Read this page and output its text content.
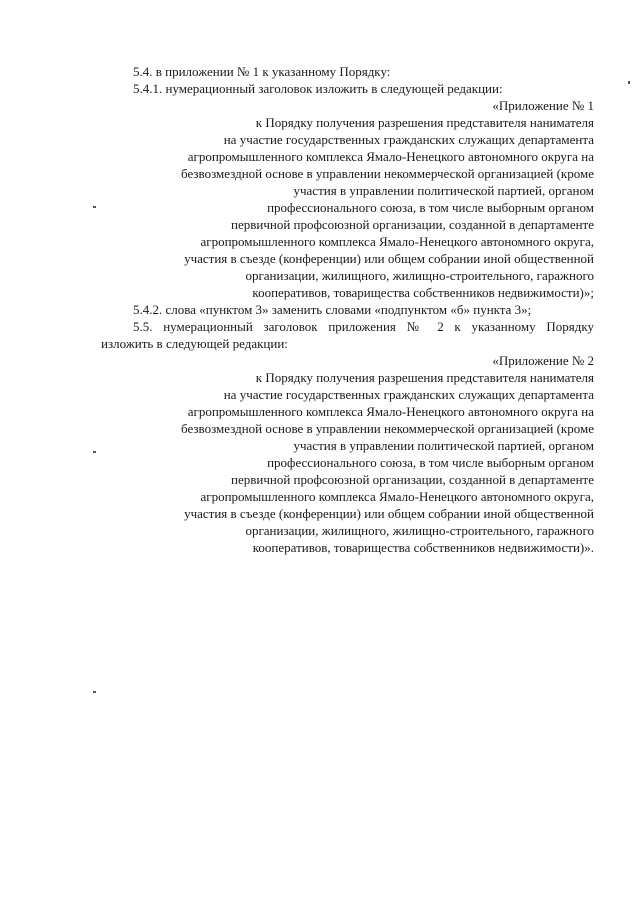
5.4. в приложении № 1 к указанному Порядку:
5.4.1. нумерационный заголовок изложить в следующей редакции:
«Приложение № 1
к Порядку получения разрешения представителя нанимателя
на участие государственных гражданских служащих департамента
агропромышленного комплекса Ямало-Ненецкого автономного округа на
безвозмездной основе в управлении некоммерческой организацией (кроме
участия в управлении политической партией, органом
профессионального союза, в том числе выборным органом
первичной профсоюзной организации, созданной в департаменте
агропромышленного комплекса Ямало-Ненецкого автономного округа,
участия в съезде (конференции) или общем собрании иной общественной
организации, жилищного, жилищно-строительного, гаражного
кооперативов, товарищества собственников недвижимости)»;
5.4.2. слова «пунктом 3» заменить словами «подпунктом «б» пункта 3»;
5.5. нумерационный заголовок приложения № 2 к указанному Порядку
изложить в следующей редакции:
«Приложение № 2
к Порядку получения разрешения представителя нанимателя
на участие государственных гражданских служащих департамента
агропромышленного комплекса Ямало-Ненецкого автономного округа на
безвозмездной основе в управлении некоммерческой организацией (кроме
участия в управлении политической партией, органом
профессионального союза, в том числе выборным органом
первичной профсоюзной организации, созданной в департаменте
агропромышленного комплекса Ямало-Ненецкого автономного округа,
участия в съезде (конференции) или общем собрании иной общественной
организации, жилищного, жилищно-строительного, гаражного
кооперативов, товарищества собственников недвижимости)».
